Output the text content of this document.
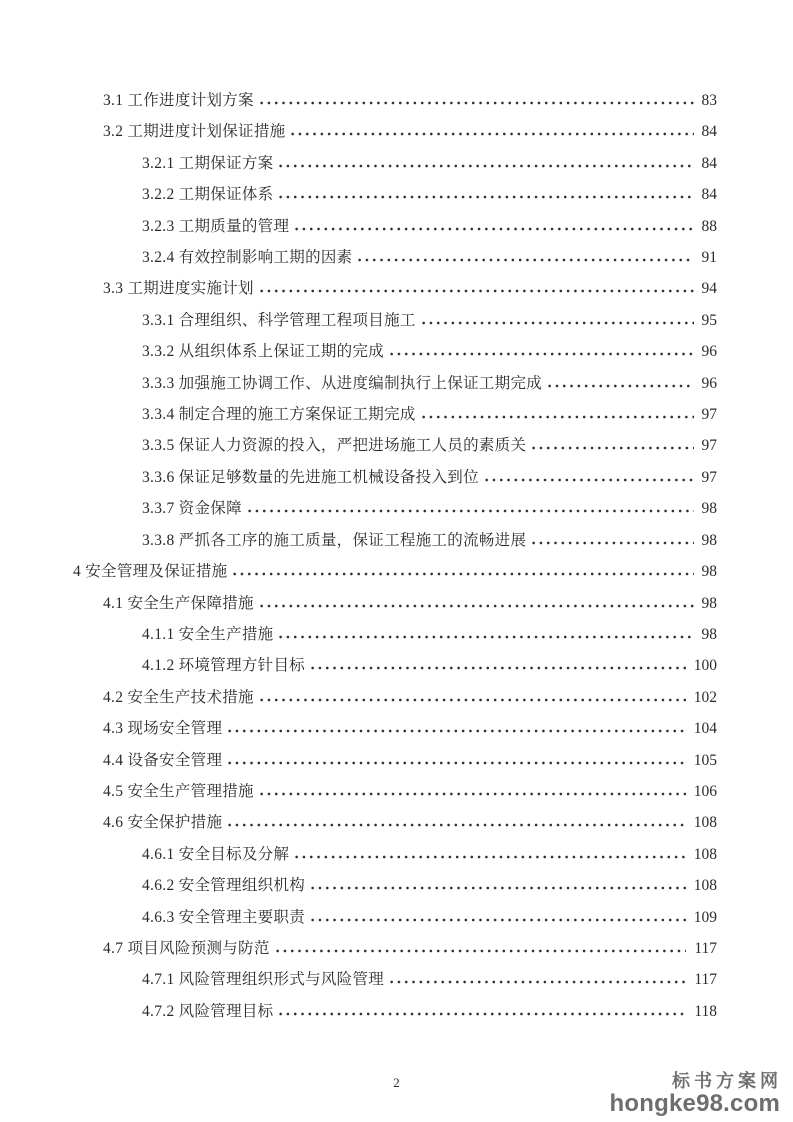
3.1 工作进度计划方案	83
3.2 工期进度计划保证措施	84
3.2.1 工期保证方案	84
3.2.2 工期保证体系	84
3.2.3 工期质量的管理	88
3.2.4 有效控制影响工期的因素	91
3.3 工期进度实施计划	94
3.3.1 合理组织、科学管理工程项目施工	95
3.3.2 从组织体系上保证工期的完成	96
3.3.3 加强施工协调工作、从进度编制执行上保证工期完成	96
3.3.4 制定合理的施工方案保证工期完成	97
3.3.5 保证人力资源的投入，严把进场施工人员的素质关	97
3.3.6 保证足够数量的先进施工机械设备投入到位	97
3.3.7 资金保障	98
3.3.8 严抓各工序的施工质量，保证工程施工的流畅进展	98
4 安全管理及保证措施	98
4.1 安全生产保障措施	98
4.1.1 安全生产措施	98
4.1.2 环境管理方针目标	100
4.2 安全生产技术措施	102
4.3 现场安全管理	104
4.4 设备安全管理	105
4.5 安全生产管理措施	106
4.6 安全保护措施	108
4.6.1 安全目标及分解	108
4.6.2 安全管理组织机构	108
4.6.3 安全管理主要职责	109
4.7 项目风险预测与防范	117
4.7.1 风险管理组织形式与风险管理	117
4.7.2 风险管理目标	118
2	标书方案网
hongke98.com
